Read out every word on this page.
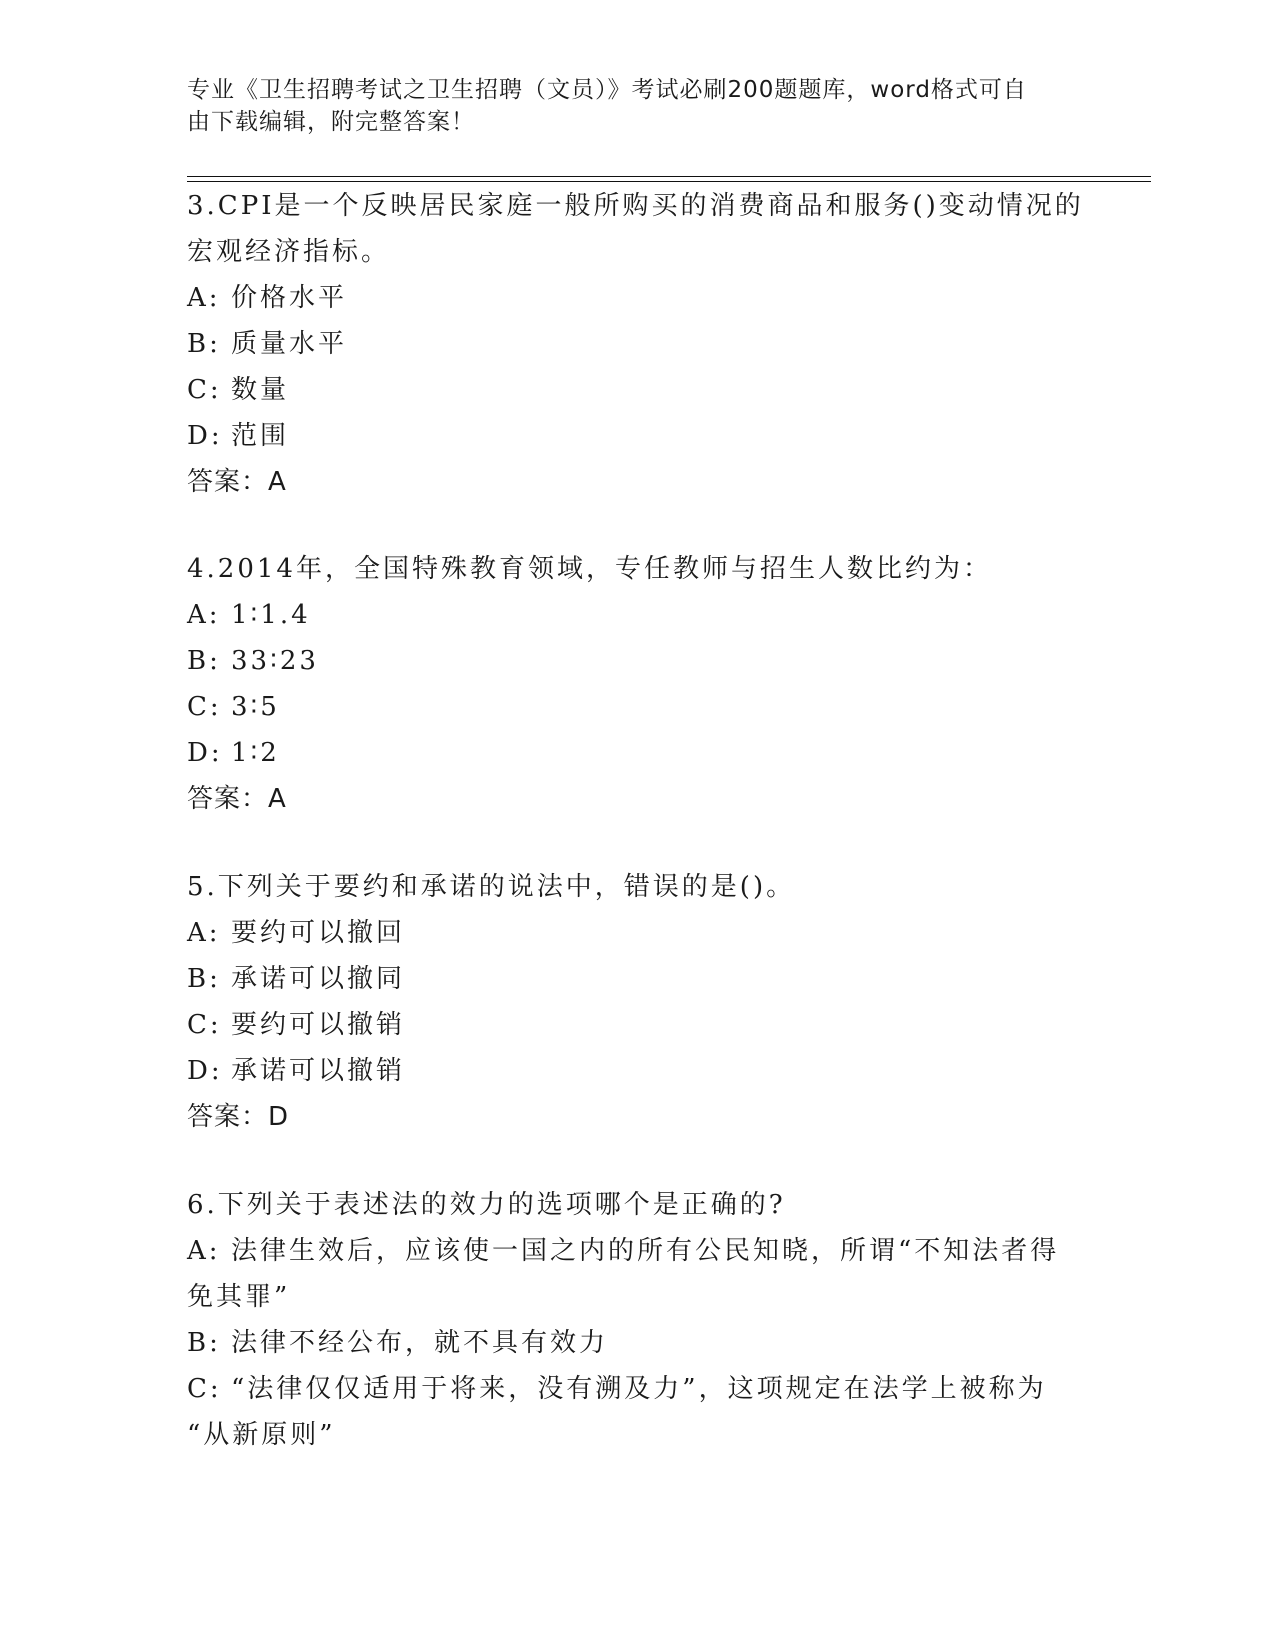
专业《卫生招聘考试之卫生招聘（文员）》考试必刷200题题库，word格式可自
由下载编辑，附完整答案！
3.CPI是一个反映居民家庭一般所购买的消费商品和服务()变动情况的
宏观经济指标。
A: 价格水平
B: 质量水平
C: 数量
D: 范围
答案：A
4.2014年，全国特殊教育领域，专任教师与招生人数比约为：
A: 1∶1.4
B: 33∶23
C: 3∶5
D: 1∶2
答案：A
5.下列关于要约和承诺的说法中，错误的是()。
A: 要约可以撤回
B: 承诺可以撤同
C: 要约可以撤销
D: 承诺可以撤销
答案：D
6.下列关于表述法的效力的选项哪个是正确的?
A: 法律生效后，应该使一国之内的所有公民知晓，所谓“不知法者得
免其罪”
B: 法律不经公布，就不具有效力
C: “法律仅仅适用于将来，没有溯及力”，这项规定在法学上被称为
“从新原则”
